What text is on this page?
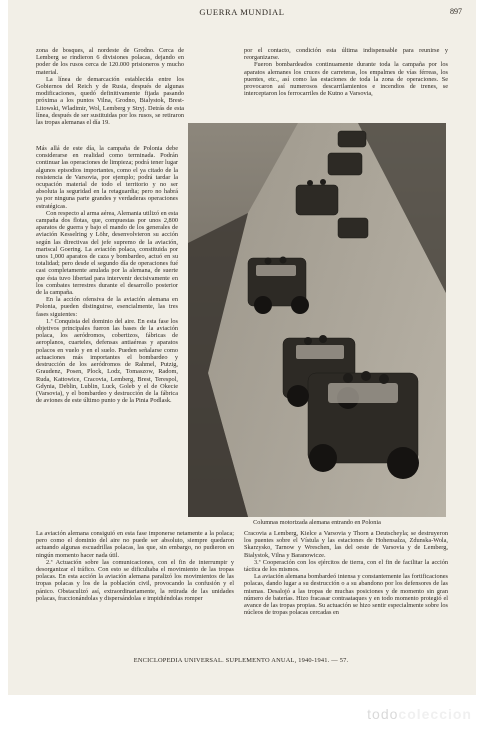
GUERRA MUNDIAL	897

zona de bosques, al nordeste de Grodno. Cerca de Lemberg se rindieron 6 divisiones polacas, dejando en poder de los rusos cerca de 120.000 prisioneros y mucho material.

La línea de demarcación establecida entre los Gobiernos del Reich y de Rusia, después de algunas modificaciones, quedó definitivamente fijada pasando próxima a los puntos Vilna, Grodno, Bialystok, Brest-Litowski, Wladimir, Wol, Lemberg y Stryj. Detrás de esta línea, después de ser sustituidas por los rusos, se retiraron las tropas alemanas el día 19.

Más allá de este día, la campaña de Polonia debe considerarse en realidad como terminada. Podrán continuar las operaciones de limpieza; podrá tener lugar algunos episodios importantes, como el ya citado de la resistencia de Varsovia, por ejemplo; podrá tardar la ocupación material de todo el territorio y no ser absoluta la seguridad en la retaguardia; pero no habrá ya por ninguna parte grandes y verdaderas operaciones estratégicas.

Con respecto al arma aérea, Alemania utilizó en esta campaña dos flotas, que, compuestas por unos 2,800 aparatos de guerra y bajo el mando de los generales de aviación Kesselring y Löhr, desenvolvieron su acción según las directivas del jefe supremo de la aviación, mariscal Goering. La aviación polaca, constituida por unos 1,000 aparatos de caza y bombardeo, actuó en su totalidad; pero desde el segundo día de operaciones fué casi completamente anulada por la alemana, de suerte que ésta tuvo libertad para intervenir decisivamente en los combates terrestres durante el desarrollo posterior de la campaña.

En la acción ofensiva de la aviación alemana en Polonia, pueden distinguirse, esencialmente, las tres fases siguientes:

1.ª Conquista del dominio del aire. En esta fase los objetivos principales fueron las bases de la aviación polaca, los aeródromos, cobertizos, fábricas de aeroplanos, cuarteles, defensas antiaéreas y aparatos polacos en vuelo y en el suelo. Pueden señalarse como actuaciones más importantes el bombardeo y destrucción de los aeródromos de Rahmel, Putzig, Graudenz, Posen, Plock, Lodz, Tomaszow, Radom, Ruda, Kattowice, Cracovia, Lemberg, Brest, Terespol, Gdynia, Deblin, Lublin, Luck, Goleb y el de Okecie (Varsovia), y el bombardeo y destrucción de la fábrica de aviones de este último punto y de la Pinia Podlask.

por el contacto, condición esta última indispensable para reunirse y reorganizarse.

Fueron bombardeados continuamente durante toda la campaña por los aparatos alemanes los cruces de carreteras, los empalmes de vías férreas, los puentes, etc., así como las estaciones de toda la zona de operaciones. Se provocaron así numerosos descarrilamientos e incendios de trenes, se interceptaron los ferrocarriles de Kutno a Varsovia,

Columnas motorizada alemana entrando en Polonia

La aviación alemana consiguió en esta fase imponerse netamente a la polaca; pero como el dominio del aire no puede ser absoluto, siempre quedaron actuando algunas escuadrillas polacas, las que, sin embargo, no pudieron en ningún momento hacer nada útil.

2.ª Actuación sobre las comunicaciones, con el fin de interrumpir y desorganizar el tráfico. Con esto se dificultaba el movimiento de las tropas polacas. En esta acción la aviación alemana paralizó los movimientos de las tropas polacas y los de la población civil, provocando la confusión y el pánico. Obstaculizó así, extraordinariamente, la retirada de las unidades polacas, fraccionándolas y dispersándolas e impidiéndolas romper

Cracovia a Lemberg, Kielce a Varsovia y Thorn a Deutscheyla; se destruyeron los puentes sobre el Vístula y las estaciones de Hohensalza, Zdunska-Wola, Skarzysko, Tarnow y Wreschen, las del oeste de Varsovia y de Lemberg, Bialystok, Vilna y Baranowicze.

3.ª Cooperación con los ejércitos de tierra, con el fin de facilitar la acción táctica de los mismos.

La aviación alemana bombardeó intensa y constantemente las fortificaciones polacas, dando lugar a su destrucción o a su abandono por los defensores de las mismas. Desalojó a las tropas de muchas posiciones y de momento sin gran número de baterías. Hizo fracasar contraataques y en todo momento protegió el avance de las tropas propias. Su actuación se hizo sentir especialmente sobre los núcleos de tropas polacas cercadas en

ENCICLOPEDIA UNIVERSAL. SUPLEMENTO ANUAL, 1940-1941. — 57.
todocoleccion
